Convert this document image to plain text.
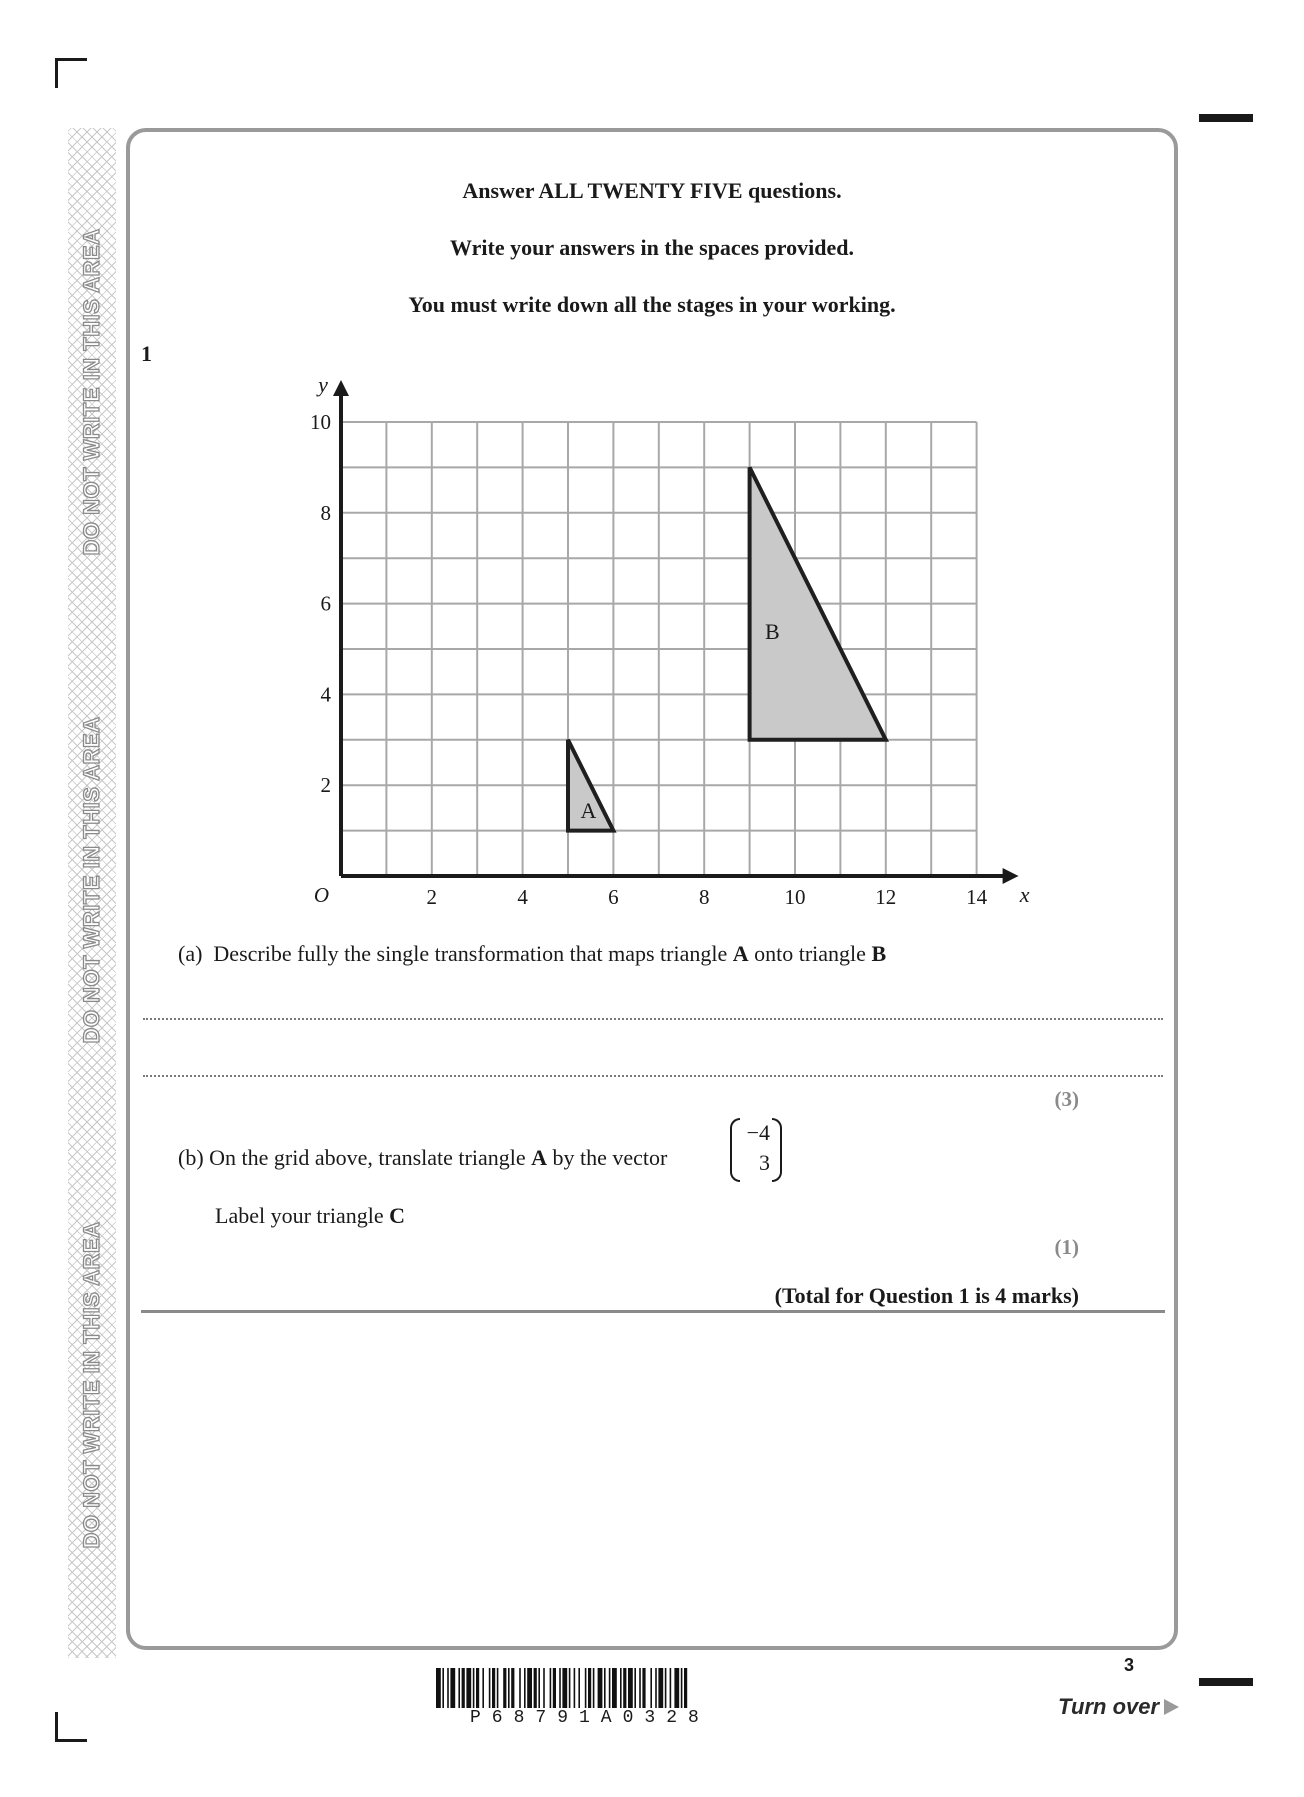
DO NOT WRITE IN THIS AREA
DO NOT WRITE IN THIS AREA
DO NOT WRITE IN THIS AREA
Answer ALL TWENTY FIVE questions.
Write your answers in the spaces provided.
You must write down all the stages in your working.
1
A
B
2	4	6	8	10	12	14
2
4
6
8
10
O	x
y
(a) Describe fully the single transformation that maps triangle A onto triangle B
(3)
(b) On the grid above, translate triangle A by the vector
−4
3
Label your triangle C
(1)
(Total for Question 1 is 4 marks)
P68791A0328
3
Turn over
